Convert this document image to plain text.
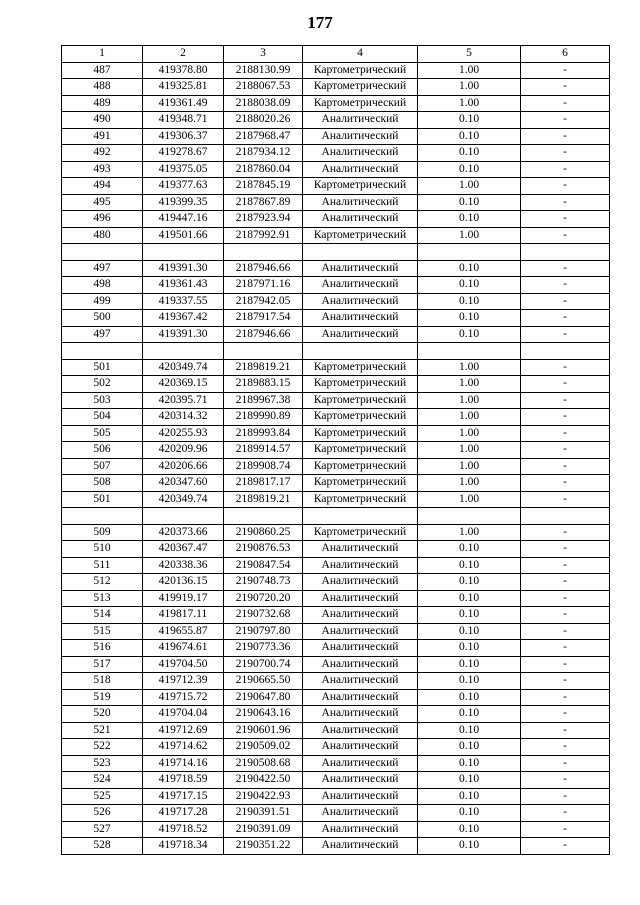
177
1	2	3	4	5	6
487	419378.80	2188130.99	Картометрический	1.00	-
488	419325.81	2188067.53	Картометрический	1.00	-
489	419361.49	2188038.09	Картометрический	1.00	-
490	419348.71	2188020.26	Аналитический	0.10	-
491	419306.37	2187968.47	Аналитический	0.10	-
492	419278.67	2187934.12	Аналитический	0.10	-
493	419375.05	2187860.04	Аналитический	0.10	-
494	419377.63	2187845.19	Картометрический	1.00	-
495	419399.35	2187867.89	Аналитический	0.10	-
496	419447.16	2187923.94	Аналитический	0.10	-
480	419501.66	2187992.91	Картометрический	1.00	-

497	419391.30	2187946.66	Аналитический	0.10	-
498	419361.43	2187971.16	Аналитический	0.10	-
499	419337.55	2187942.05	Аналитический	0.10	-
500	419367.42	2187917.54	Аналитический	0.10	-
497	419391.30	2187946.66	Аналитический	0.10	-

501	420349.74	2189819.21	Картометрический	1.00	-
502	420369.15	2189883.15	Картометрический	1.00	-
503	420395.71	2189967.38	Картометрический	1.00	-
504	420314.32	2189990.89	Картометрический	1.00	-
505	420255.93	2189993.84	Картометрический	1.00	-
506	420209.96	2189914.57	Картометрический	1.00	-
507	420206.66	2189908.74	Картометрический	1.00	-
508	420347.60	2189817.17	Картометрический	1.00	-
501	420349.74	2189819.21	Картометрический	1.00	-

509	420373.66	2190860.25	Картометрический	1.00	-
510	420367.47	2190876.53	Аналитический	0.10	-
511	420338.36	2190847.54	Аналитический	0.10	-
512	420136.15	2190748.73	Аналитический	0.10	-
513	419919.17	2190720.20	Аналитический	0.10	-
514	419817.11	2190732.68	Аналитический	0.10	-
515	419655.87	2190797.80	Аналитический	0.10	-
516	419674.61	2190773.36	Аналитический	0.10	-
517	419704.50	2190700.74	Аналитический	0.10	-
518	419712.39	2190665.50	Аналитический	0.10	-
519	419715.72	2190647.80	Аналитический	0.10	-
520	419704.04	2190643.16	Аналитический	0.10	-
521	419712.69	2190601.96	Аналитический	0.10	-
522	419714.62	2190509.02	Аналитический	0.10	-
523	419714.16	2190508.68	Аналитический	0.10	-
524	419718.59	2190422.50	Аналитический	0.10	-
525	419717.15	2190422.93	Аналитический	0.10	-
526	419717.28	2190391.51	Аналитический	0.10	-
527	419718.52	2190391.09	Аналитический	0.10	-
528	419718.34	2190351.22	Аналитический	0.10	-
